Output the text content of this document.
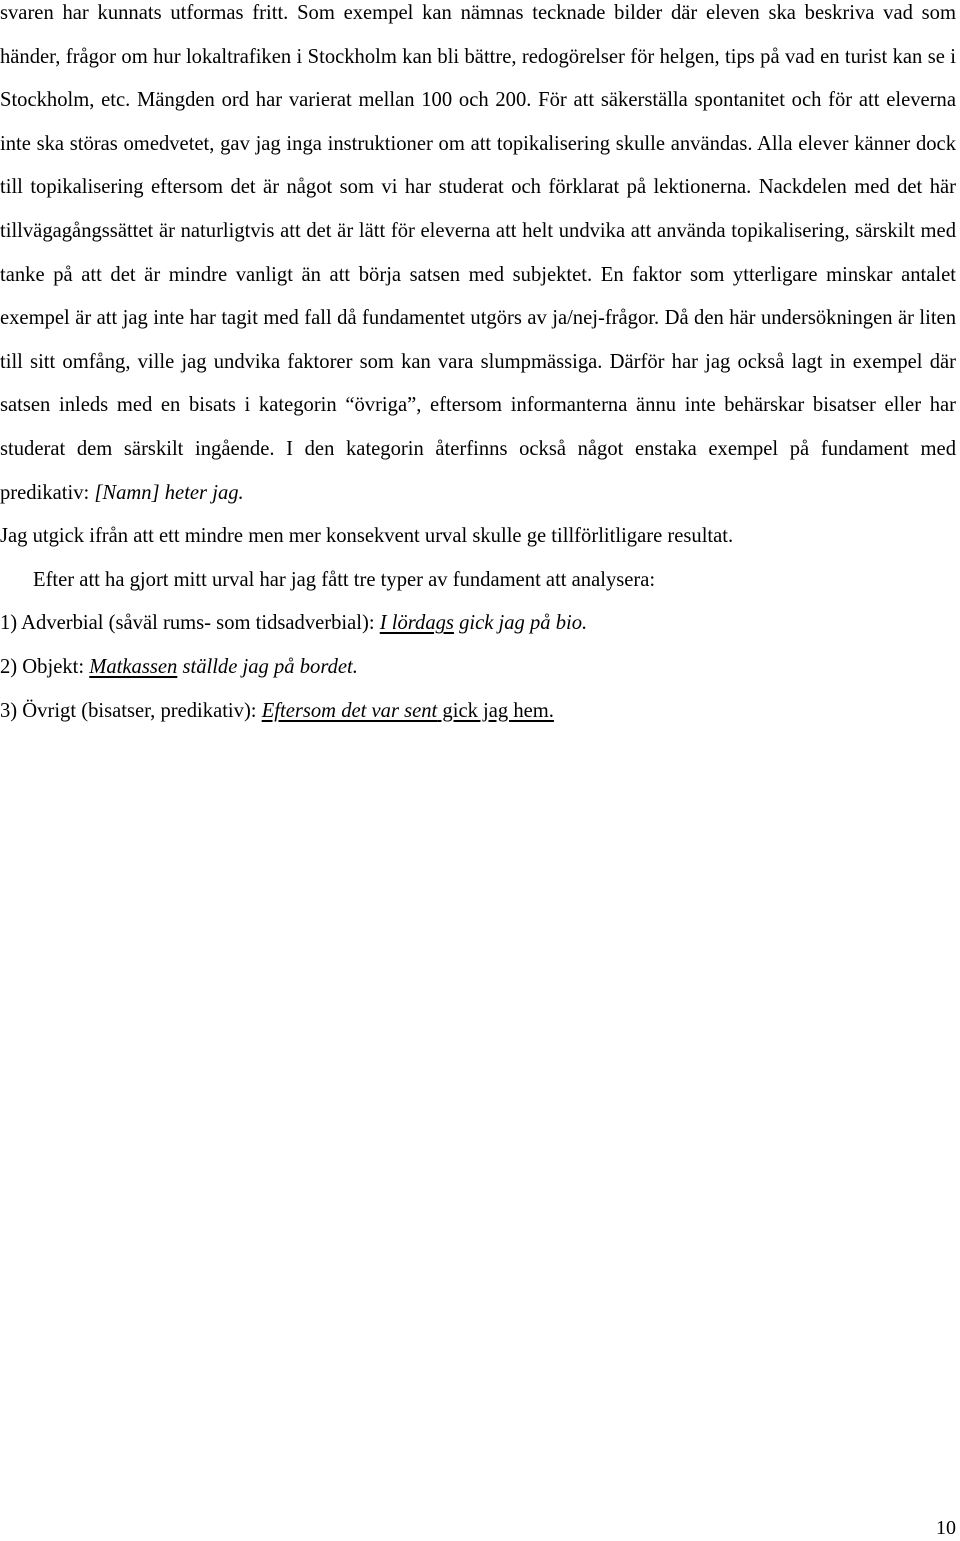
svaren har kunnats utformas fritt. Som exempel kan nämnas tecknade bilder där eleven ska beskriva vad som händer, frågor om hur lokaltrafiken i Stockholm kan bli bättre, redogörelser för helgen, tips på vad en turist kan se i Stockholm, etc. Mängden ord har varierat mellan 100 och 200. För att säkerställa spontanitet och för att eleverna inte ska störas omedvetet, gav jag inga instruktioner om att topikalisering skulle användas. Alla elever känner dock till topikalisering eftersom det är något som vi har studerat och förklarat på lektionerna. Nackdelen med det här tillvägagångssättet är naturligtvis att det är lätt för eleverna att helt undvika att använda topikalisering, särskilt med tanke på att det är mindre vanligt än att börja satsen med subjektet. En faktor som ytterligare minskar antalet exempel är att jag inte har tagit med fall då fundamentet utgörs av ja/nej-frågor. Då den här undersökningen är liten till sitt omfång, ville jag undvika faktorer som kan vara slumpmässiga. Därför har jag också lagt in exempel där satsen inleds med en bisats i kategorin “övriga”, eftersom informanterna ännu inte behärskar bisatser eller har studerat dem särskilt ingående. I den kategorin återfinns också något enstaka exempel på fundament med predikativ: [Namn] heter jag.

Jag utgick ifrån att ett mindre men mer konsekvent urval skulle ge tillförlitligare resultat.

Efter att ha gjort mitt urval har jag fått tre typer av fundament att analysera:

1) Adverbial (såväl rums- som tidsadverbial): I lördags gick jag på bio.

2) Objekt: Matkassen ställde jag på bordet.

3) Övrigt (bisatser, predikativ): Eftersom det var sent gick jag hem.

10
